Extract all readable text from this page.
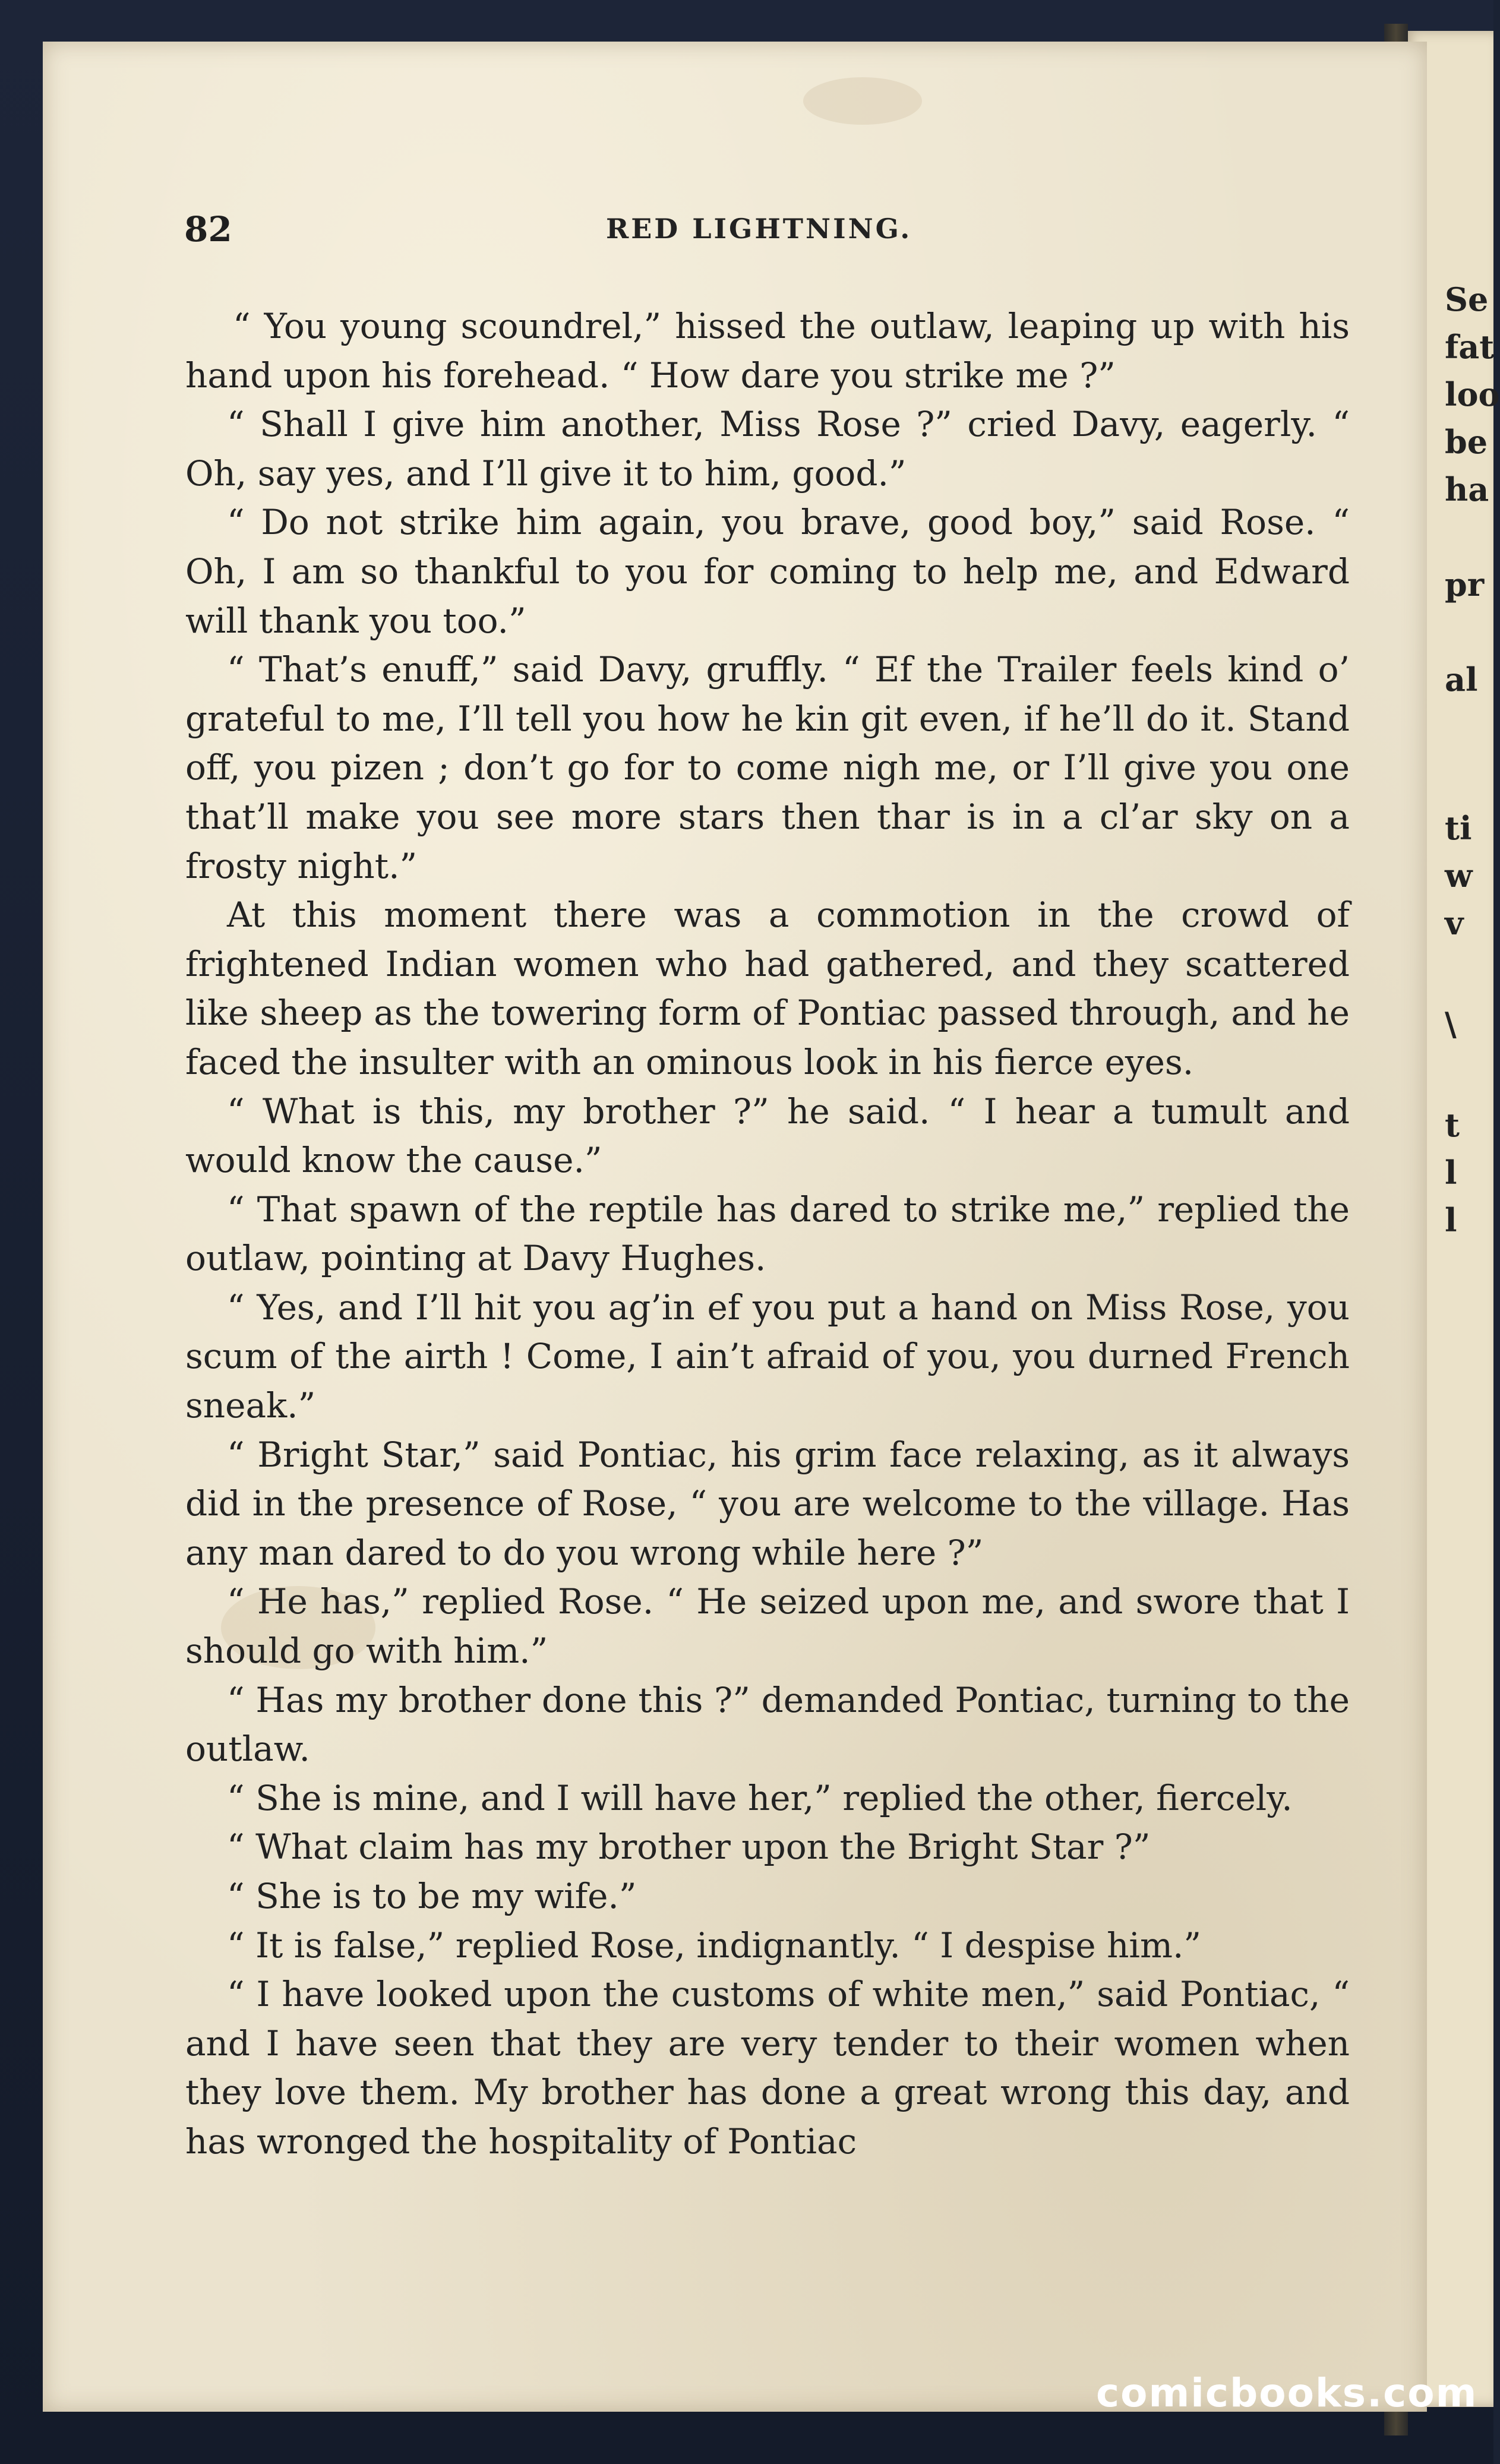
Se
fat
loo
be
ha
pr
al
ti
w
v
\
t
l
l
82	RED LIGHTNING.

“ You young scoundrel,” hissed the outlaw, leaping up with his hand upon his forehead. “ How dare you strike me ?”

“ Shall I give him another, Miss Rose ?” cried Davy, eagerly. “ Oh, say yes, and I’ll give it to him, good.”

“ Do not strike him again, you brave, good boy,” said Rose. “ Oh, I am so thankful to you for coming to help me, and Edward will thank you too.”

“ That’s enuff,” said Davy, gruffly. “ Ef the Trailer feels kind o’ grateful to me, I’ll tell you how he kin git even, if he’ll do it. Stand off, you pizen ; don’t go for to come nigh me, or I’ll give you one that’ll make you see more stars then thar is in a cl’ar sky on a frosty night.”

At this moment there was a commotion in the crowd of frightened Indian women who had gathered, and they scattered like sheep as the towering form of Pontiac passed through, and he faced the insulter with an ominous look in his fierce eyes.

“ What is this, my brother ?” he said. “ I hear a tumult and would know the cause.”

“ That spawn of the reptile has dared to strike me,” replied the outlaw, pointing at Davy Hughes.

“ Yes, and I’ll hit you ag’in ef you put a hand on Miss Rose, you scum of the airth ! Come, I ain’t afraid of you, you durned French sneak.”

“ Bright Star,” said Pontiac, his grim face relaxing, as it always did in the presence of Rose, “ you are welcome to the village. Has any man dared to do you wrong while here ?”

“ He has,” replied Rose. “ He seized upon me, and swore that I should go with him.”

“ Has my brother done this ?” demanded Pontiac, turning to the outlaw.

“ She is mine, and I will have her,” replied the other, fiercely.

“ What claim has my brother upon the Bright Star ?”

“ She is to be my wife.”

“ It is false,” replied Rose, indignantly. “ I despise him.”

“ I have looked upon the customs of white men,” said Pontiac, “ and I have seen that they are very tender to their women when they love them. My brother has done a great wrong this day, and has wronged the hospitality of Pontiac

comicbooks.com
